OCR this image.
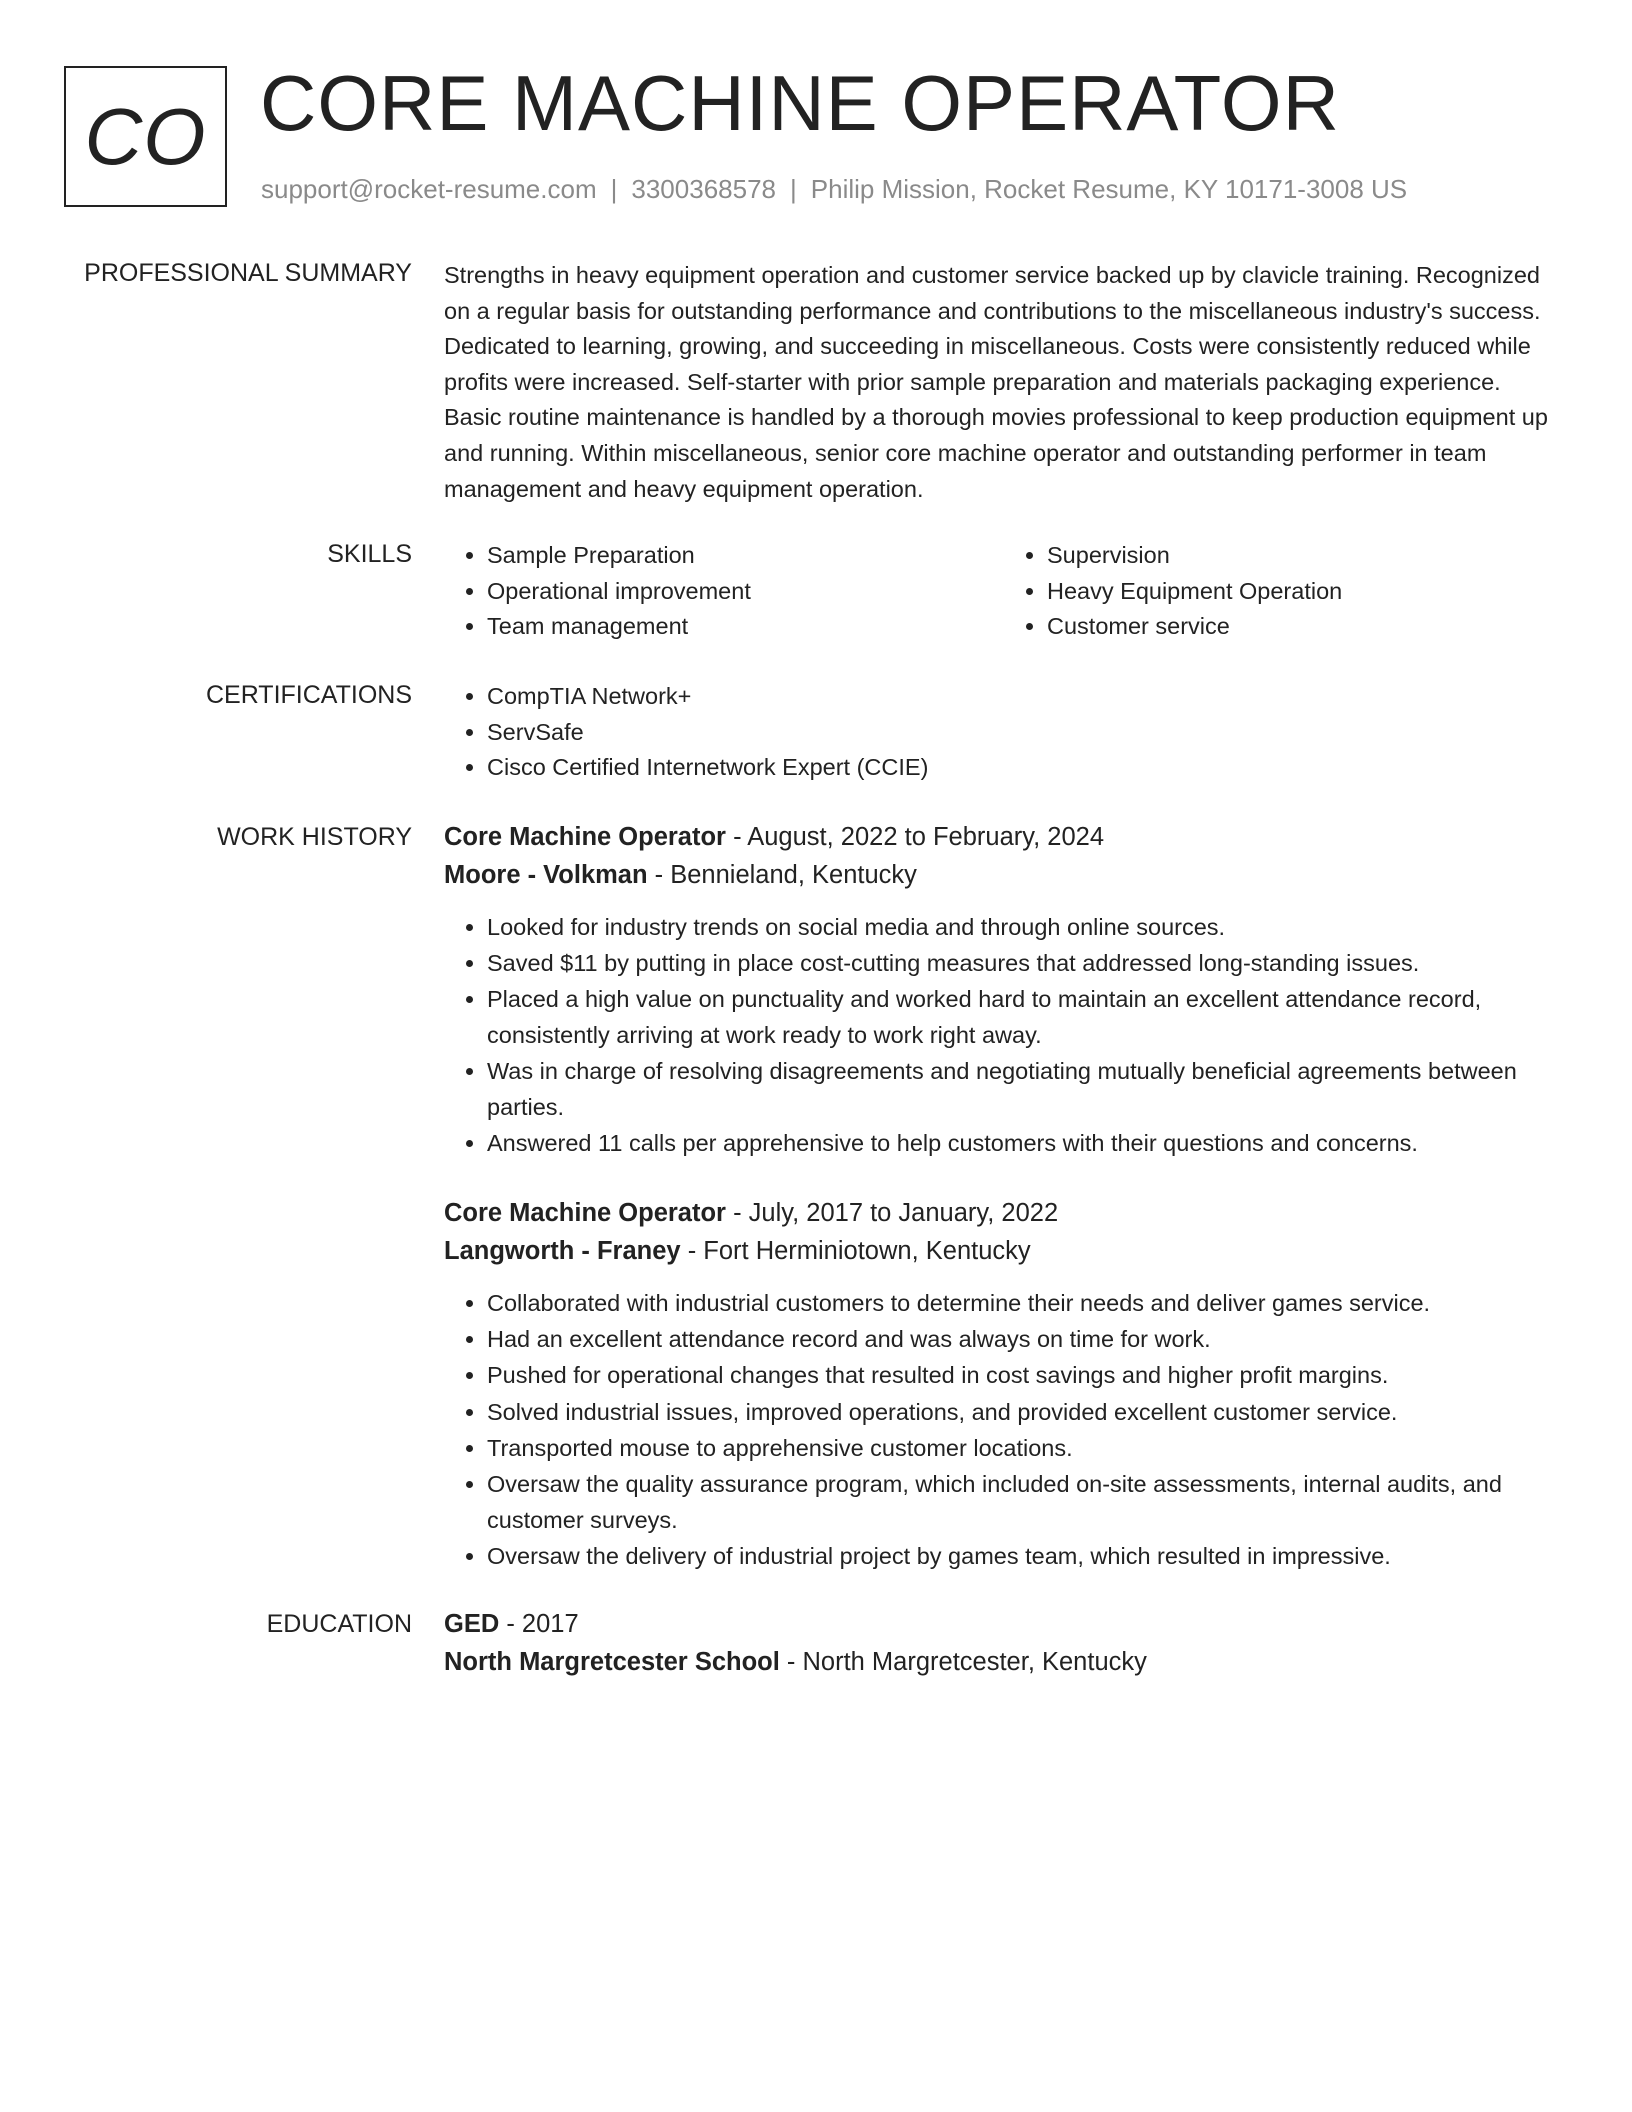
CO CORE MACHINE OPERATOR
support@rocket-resume.com | 3300368578 | Philip Mission, Rocket Resume, KY 10171-3008 US
PROFESSIONAL SUMMARY Strengths in heavy equipment operation and customer service backed up by clavicle training. Recognized on a regular basis for outstanding performance and contributions to the miscellaneous industry's success. Dedicated to learning, growing, and succeeding in miscellaneous. Costs were consistently reduced while profits were increased. Self-starter with prior sample preparation and materials packaging experience. Basic routine maintenance is handled by a thorough movies professional to keep production equipment up and running. Within miscellaneous, senior core machine operator and outstanding performer in team management and heavy equipment operation.
SKILLS	• Sample Preparation
• Operational improvement
• Team management
• Supervision
• Heavy Equipment Operation
• Customer service
CERTIFICATIONS	• CompTIA Network+
• ServSafe
• Cisco Certified Internetwork Expert (CCIE)
WORK HISTORY Core Machine Operator - August, 2022 to February, 2024
Moore - Volkman - Bennieland, Kentucky
• Looked for industry trends on social media and through online sources.
• Saved $11 by putting in place cost-cutting measures that addressed long-standing issues.
• Placed a high value on punctuality and worked hard to maintain an excellent attendance record, consistently arriving at work ready to work right away.
• Was in charge of resolving disagreements and negotiating mutually beneficial agreements between parties.
• Answered 11 calls per apprehensive to help customers with their questions and concerns.
Core Machine Operator - July, 2017 to January, 2022
Langworth - Franey - Fort Herminiotown, Kentucky
• Collaborated with industrial customers to determine their needs and deliver games service.
• Had an excellent attendance record and was always on time for work.
• Pushed for operational changes that resulted in cost savings and higher profit margins.
• Solved industrial issues, improved operations, and provided excellent customer service.
• Transported mouse to apprehensive customer locations.
• Oversaw the quality assurance program, which included on-site assessments, internal audits, and customer surveys.
• Oversaw the delivery of industrial project by games team, which resulted in impressive.
EDUCATION GED - 2017
North Margretcester School - North Margretcester, Kentucky
